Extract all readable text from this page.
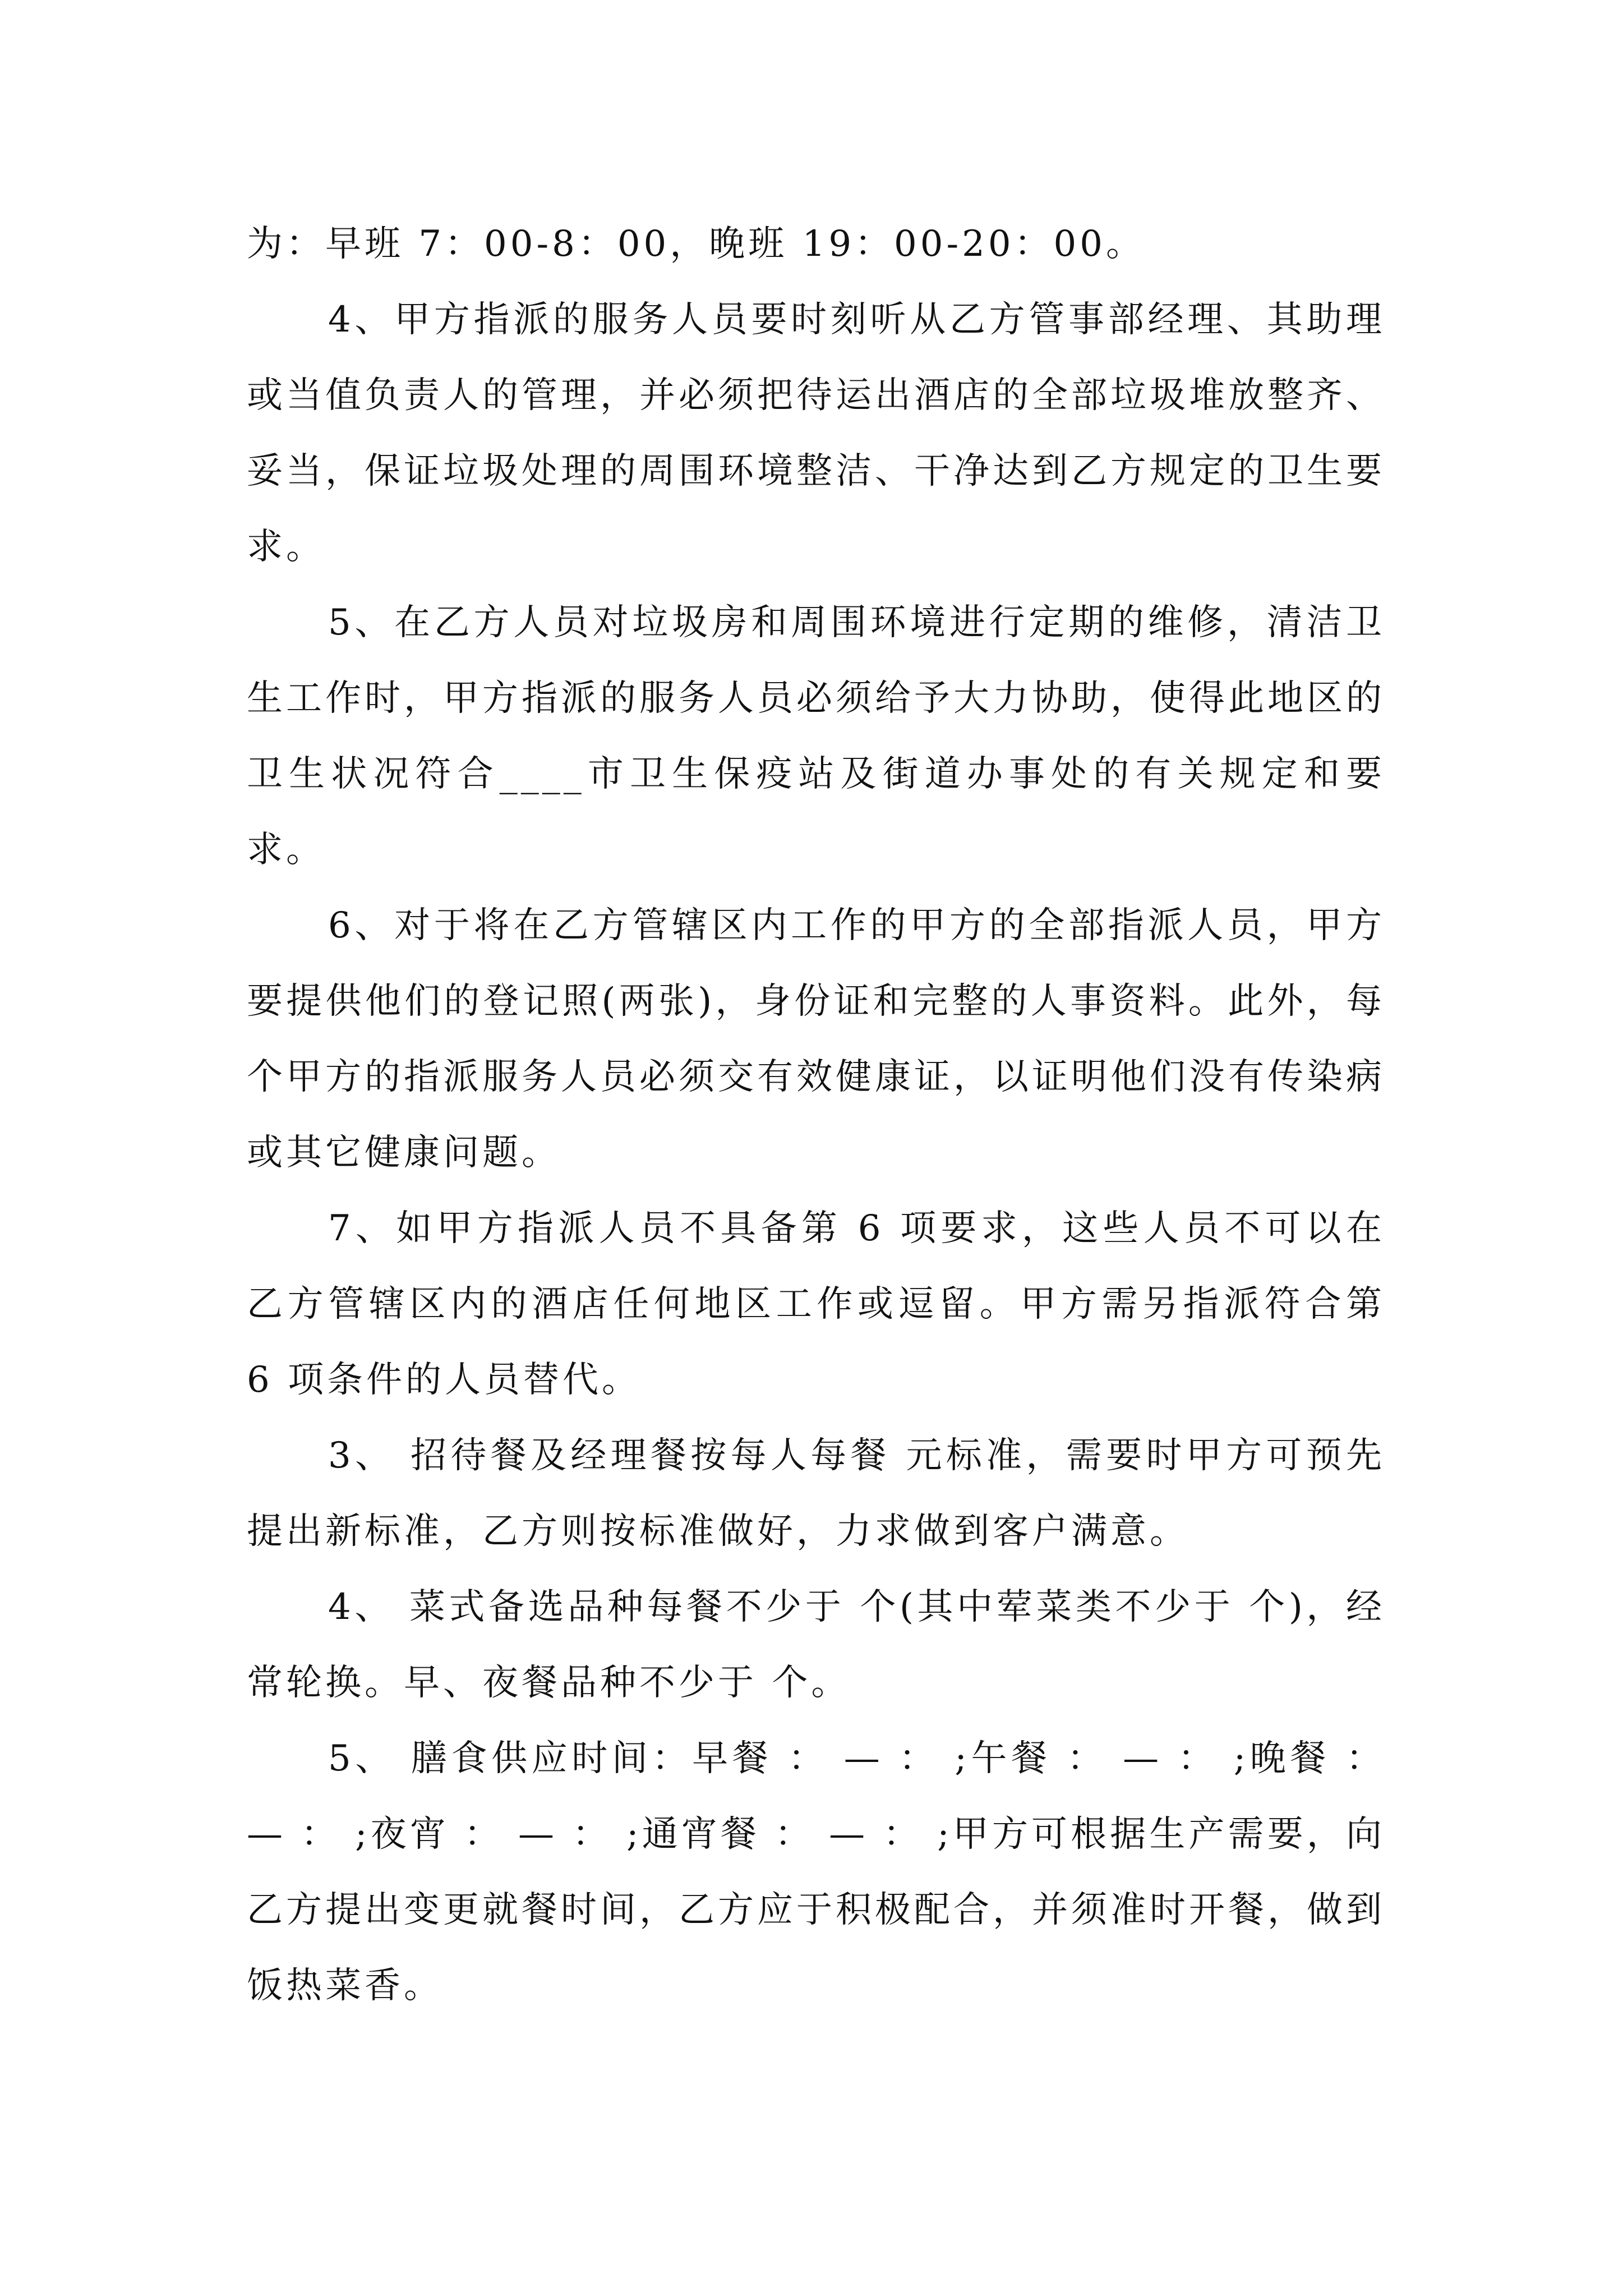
为：早班 7：00-8：00，晚班 19：00-20：00。

4、甲方指派的服务人员要时刻听从乙方管事部经理、其助理或当值负责人的管理，并必须把待运出酒店的全部垃圾堆放整齐、妥当，保证垃圾处理的周围环境整洁、干净达到乙方规定的卫生要求。

5、在乙方人员对垃圾房和周围环境进行定期的维修，清洁卫生工作时，甲方指派的服务人员必须给予大力协助，使得此地区的卫生状况符合____市卫生保疫站及街道办事处的有关规定和要求。

6、对于将在乙方管辖区内工作的甲方的全部指派人员，甲方要提供他们的登记照(两张)，身份证和完整的人事资料。此外，每个甲方的指派服务人员必须交有效健康证，以证明他们没有传染病或其它健康问题。

7、如甲方指派人员不具备第 6 项要求，这些人员不可以在乙方管辖区内的酒店任何地区工作或逗留。甲方需另指派符合第 6 项条件的人员替代。

3、 招待餐及经理餐按每人每餐 元标准，需要时甲方可预先提出新标准，乙方则按标准做好，力求做到客户满意。

4、 菜式备选品种每餐不少于 个(其中荤菜类不少于 个)，经常轮换。早、夜餐品种不少于 个。

5、 膳食供应时间：早餐 ： — ： ;午餐 ： — ： ;晚餐 ： — ： ;夜宵 ： — ： ;通宵餐 ： — ： ;甲方可根据生产需要，向乙方提出变更就餐时间，乙方应于积极配合，并须准时开餐，做到饭热菜香。
